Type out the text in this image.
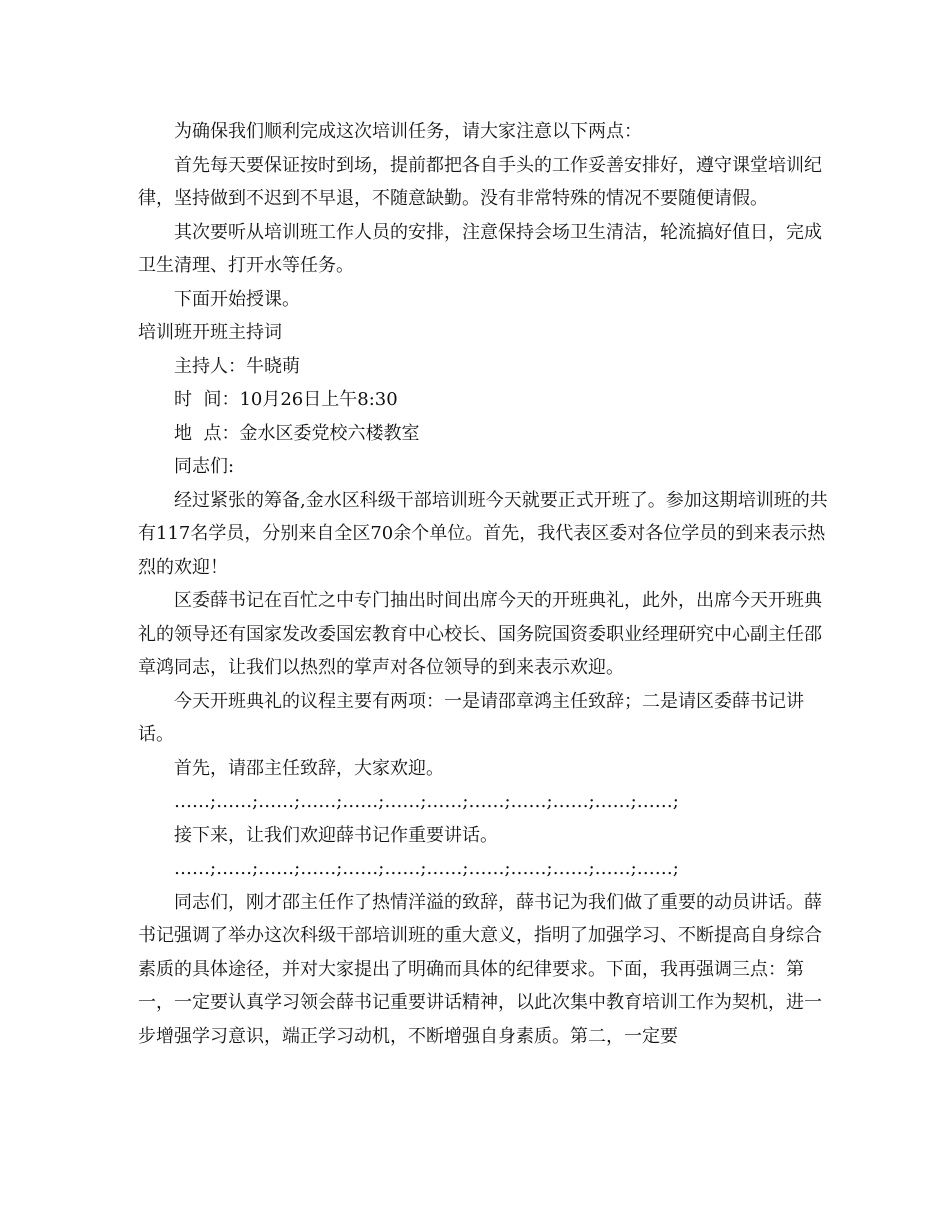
为确保我们顺利完成这次培训任务，请大家注意以下两点：

首先每天要保证按时到场，提前都把各自手头的工作妥善安排好，遵守课堂培训纪律，坚持做到不迟到不早退，不随意缺勤。没有非常特殊的情况不要随便请假。

其次要听从培训班工作人员的安排，注意保持会场卫生清洁，轮流搞好值日，完成卫生清理、打开水等任务。

下面开始授课。

培训班开班主持词

主持人：牛晓萌

时  间：10月26日上午8:30

地  点：金水区委党校六楼教室

同志们:

经过紧张的筹备,金水区科级干部培训班今天就要正式开班了。参加这期培训班的共有117名学员，分别来自全区70余个单位。首先，我代表区委对各位学员的到来表示热烈的欢迎！

区委薛书记在百忙之中专门抽出时间出席今天的开班典礼，此外，出席今天开班典礼的领导还有国家发改委国宏教育中心校长、国务院国资委职业经理研究中心副主任邵章鸿同志，让我们以热烈的掌声对各位领导的到来表示欢迎。

今天开班典礼的议程主要有两项：一是请邵章鸿主任致辞；二是请区委薛书记讲话。

首先，请邵主任致辞，大家欢迎。

……;……;……;……;……;……;……;……;……;……;……;……;

接下来，让我们欢迎薛书记作重要讲话。

……;……;……;……;……;……;……;……;……;……;……;……;

同志们，刚才邵主任作了热情洋溢的致辞，薛书记为我们做了重要的动员讲话。薛书记强调了举办这次科级干部培训班的重大意义，指明了加强学习、不断提高自身综合素质的具体途径，并对大家提出了明确而具体的纪律要求。下面，我再强调三点：第一，一定要认真学习领会薛书记重要讲话精神，以此次集中教育培训工作为契机，进一步增强学习意识，端正学习动机，不断增强自身素质。第二，一定要
